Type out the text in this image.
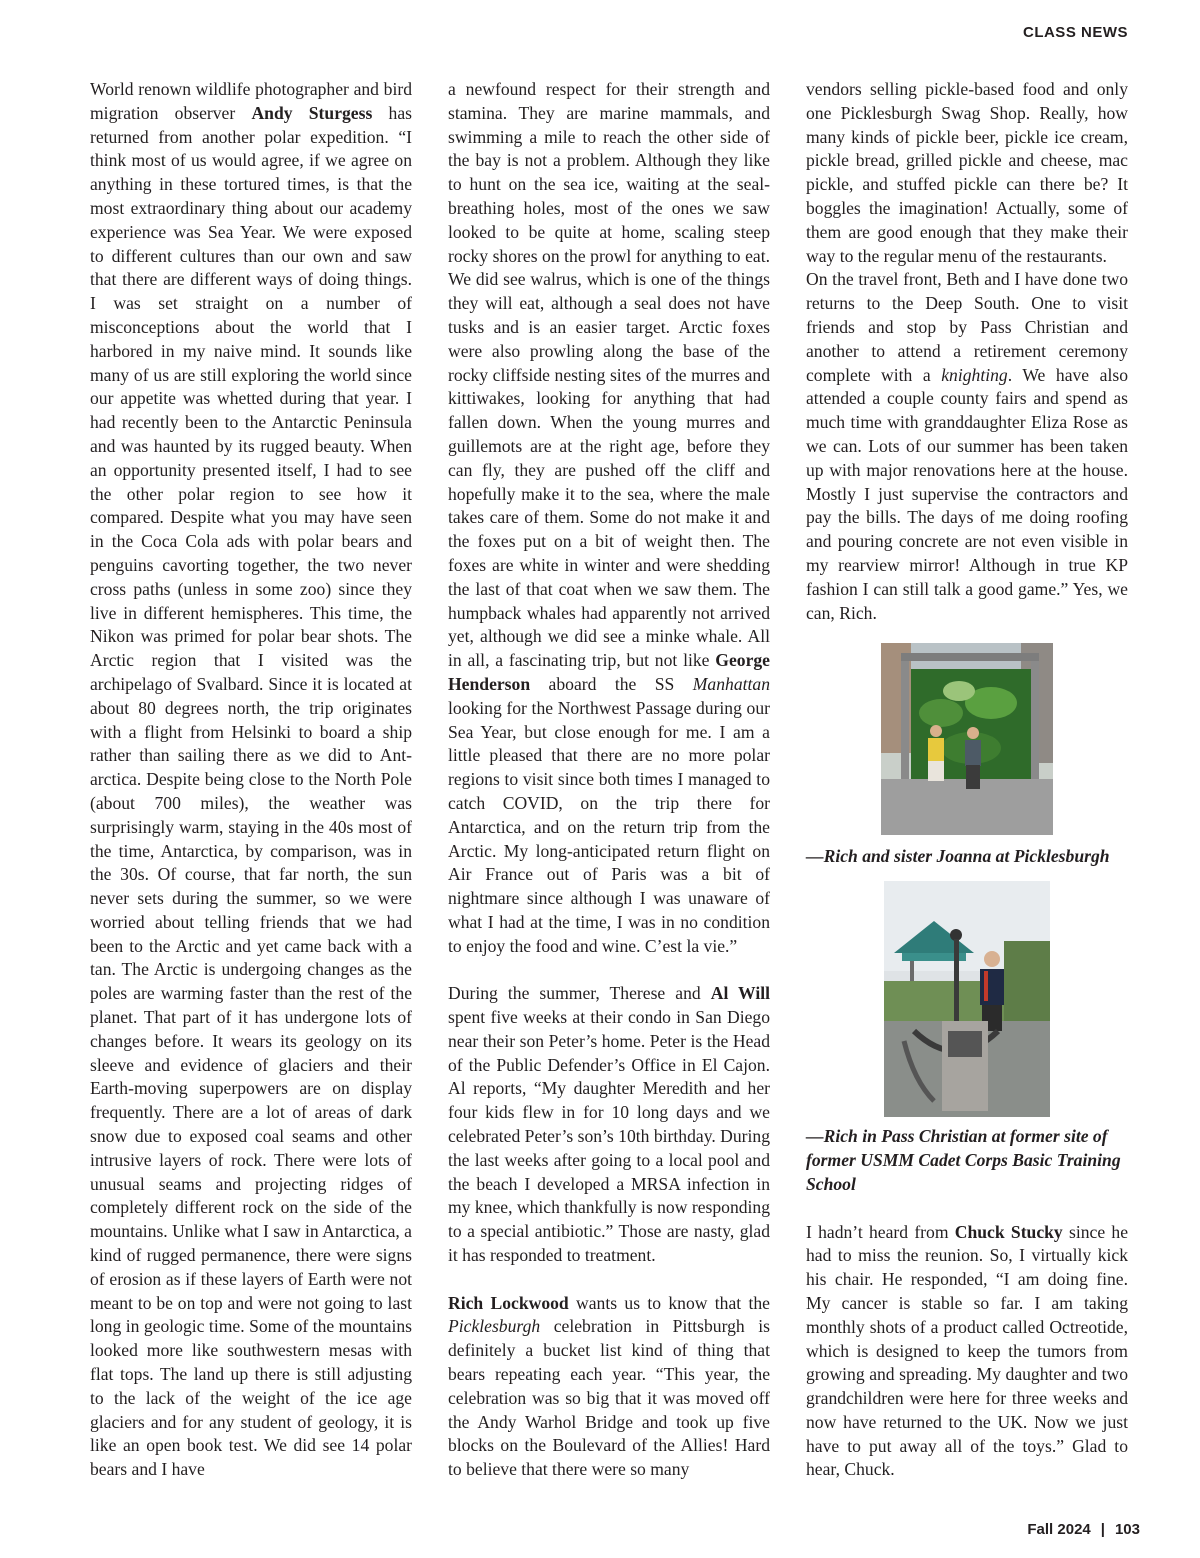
CLASS NEWS

World renown wildlife photographer and bird migration observer Andy Sturgess has returned from another polar expedition. “I think most of us would agree, if we agree on anything in these tortured times, is that the most extraordinary thing about our academy experience was Sea Year. We were exposed to different cultures than our own and saw that there are different ways of doing things. I was set straight on a number of misconceptions about the world that I harbored in my naive mind. It sounds like many of us are still exploring the world since our appetite was whetted during that year. I had recently been to the Antarctic Peninsula and was haunted by its rugged beauty. When an opportunity presented itself, I had to see the other polar region to see how it compared. Despite what you may have seen in the Coca Cola ads with polar bears and penguins cavorting together, the two never cross paths (unless in some zoo) since they live in different hemispheres. This time, the Nikon was primed for polar bear shots. The Arctic region that I visited was the archipelago of Svalbard. Since it is located at about 80 degrees north, the trip originates with a flight from Helsinki to board a ship rather than sailing there as we did to Antarctica. Despite being close to the North Pole (about 700 miles), the weather was surprisingly warm, staying in the 40s most of the time, Antarctica, by comparison, was in the 30s. Of course, that far north, the sun never sets during the summer, so we were worried about telling friends that we had been to the Arctic and yet came back with a tan. The Arctic is undergoing changes as the poles are warming faster than the rest of the planet. That part of it has undergone lots of changes before. It wears its geology on its sleeve and evidence of glaciers and their Earth-moving superpowers are on display frequently. There are a lot of areas of dark snow due to exposed coal seams and other intrusive layers of rock. There were lots of unusual seams and projecting ridges of completely different rock on the side of the mountains. Unlike what I saw in Antarctica, a kind of rugged permanence, there were signs of erosion as if these layers of Earth were not meant to be on top and were not going to last long in geologic time. Some of the mountains looked more like southwestern mesas with flat tops. The land up there is still adjusting to the lack of the weight of the ice age glaciers and for any student of geology, it is like an open book test. We did see 14 polar bears and I have

a newfound respect for their strength and stamina. They are marine mammals, and swimming a mile to reach the other side of the bay is not a problem. Although they like to hunt on the sea ice, waiting at the seal-breathing holes, most of the ones we saw looked to be quite at home, scaling steep rocky shores on the prowl for anything to eat. We did see walrus, which is one of the things they will eat, although a seal does not have tusks and is an easier target. Arctic foxes were also prowling along the base of the rocky cliffside nesting sites of the murres and kittiwakes, looking for anything that had fallen down. When the young murres and guillemots are at the right age, before they can fly, they are pushed off the cliff and hopefully make it to the sea, where the male takes care of them. Some do not make it and the foxes put on a bit of weight then. The foxes are white in winter and were shedding the last of that coat when we saw them. The humpback whales had apparently not arrived yet, although we did see a minke whale. All in all, a fascinating trip, but not like George Henderson aboard the SS Manhattan looking for the Northwest Passage during our Sea Year, but close enough for me. I am a little pleased that there are no more polar regions to visit since both times I managed to catch COVID, on the trip there for Antarctica, and on the return trip from the Arctic. My long-anticipated return flight on Air France out of Paris was a bit of nightmare since although I was unaware of what I had at the time, I was in no condition to enjoy the food and wine. C’est la vie.”

During the summer, Therese and Al Will spent five weeks at their condo in San Diego near their son Peter’s home. Peter is the Head of the Public Defender’s Office in El Cajon. Al reports, “My daughter Meredith and her four kids flew in for 10 long days and we celebrated Peter’s son’s 10th birthday. During the last weeks after going to a local pool and the beach I developed a MRSA infection in my knee, which thankfully is now responding to a special antibiotic.” Those are nasty, glad it has responded to treatment.

Rich Lockwood wants us to know that the Picklesburgh celebration in Pittsburgh is definitely a bucket list kind of thing that bears repeating each year. “This year, the celebration was so big that it was moved off the Andy Warhol Bridge and took up five blocks on the Boulevard of the Allies! Hard to believe that there were so many

vendors selling pickle-based food and only one Picklesburgh Swag Shop. Really, how many kinds of pickle beer, pickle ice cream, pickle bread, grilled pickle and cheese, mac pickle, and stuffed pickle can there be? It boggles the imagination! Actually, some of them are good enough that they make their way to the regular menu of the restaurants.

On the travel front, Beth and I have done two returns to the Deep South. One to visit friends and stop by Pass Christian and another to attend a retirement ceremony complete with a knighting. We have also attended a couple county fairs and spend as much time with granddaughter Eliza Rose as we can. Lots of our summer has been taken up with major renovations here at the house. Mostly I just supervise the contractors and pay the bills. The days of me doing roofing and pouring concrete are not even visible in my rearview mirror! Although in true KP fashion I can still talk a good game.” Yes, we can, Rich.

—Rich and sister Joanna at Picklesburgh
—Rich in Pass Christian at former site of former USMM Cadet Corps Basic Training School

I hadn’t heard from Chuck Stucky since he had to miss the reunion. So, I virtually kick his chair. He responded, “I am doing fine. My cancer is stable so far. I am taking monthly shots of a product called Octreotide, which is designed to keep the tumors from growing and spreading. My daughter and two grandchildren were here for three weeks and now have returned to the UK. Now we just have to put away all of the toys.” Glad to hear, Chuck.

Fall 2024 | 103
